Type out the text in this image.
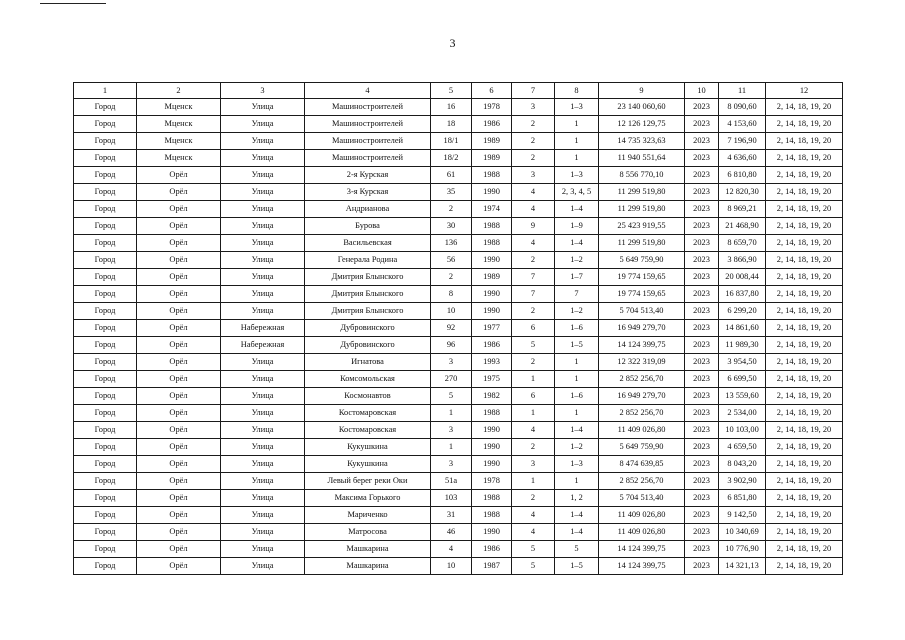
3
1	2	3	4	5	6	7	8	9	10	11	12
Город	Мценск	Улица	Машиностроителей	16	1978	3	1–3	23 140 060,60	2023	8 090,60	2, 14, 18, 19, 20
Город	Мценск	Улица	Машиностроителей	18	1986	2	1	12 126 129,75	2023	4 153,60	2, 14, 18, 19, 20
Город	Мценск	Улица	Машиностроителей	18/1	1989	2	1	14 735 323,63	2023	7 196,90	2, 14, 18, 19, 20
Город	Мценск	Улица	Машиностроителей	18/2	1989	2	1	11 940 551,64	2023	4 636,60	2, 14, 18, 19, 20
Город	Орёл	Улица	2-я Курская	61	1988	3	1–3	8 556 770,10	2023	6 810,80	2, 14, 18, 19, 20
Город	Орёл	Улица	3-я Курская	35	1990	4	2, 3, 4, 5	11 299 519,80	2023	12 820,30	2, 14, 18, 19, 20
Город	Орёл	Улица	Андрианова	2	1974	4	1–4	11 299 519,80	2023	8 969,21	2, 14, 18, 19, 20
Город	Орёл	Улица	Бурова	30	1988	9	1–9	25 423 919,55	2023	21 468,90	2, 14, 18, 19, 20
Город	Орёл	Улица	Васильевская	136	1988	4	1–4	11 299 519,80	2023	8 659,70	2, 14, 18, 19, 20
Город	Орёл	Улица	Генерала Родина	56	1990	2	1–2	5 649 759,90	2023	3 866,90	2, 14, 18, 19, 20
Город	Орёл	Улица	Дмитрия Блынского	2	1989	7	1–7	19 774 159,65	2023	20 008,44	2, 14, 18, 19, 20
Город	Орёл	Улица	Дмитрия Блынского	8	1990	7	7	19 774 159,65	2023	16 837,80	2, 14, 18, 19, 20
Город	Орёл	Улица	Дмитрия Блынского	10	1990	2	1–2	5 704 513,40	2023	6 299,20	2, 14, 18, 19, 20
Город	Орёл	Набережная	Дубровинского	92	1977	6	1–6	16 949 279,70	2023	14 861,60	2, 14, 18, 19, 20
Город	Орёл	Набережная	Дубровинского	96	1986	5	1–5	14 124 399,75	2023	11 989,30	2, 14, 18, 19, 20
Город	Орёл	Улица	Игнатова	3	1993	2	1	12 322 319,09	2023	3 954,50	2, 14, 18, 19, 20
Город	Орёл	Улица	Комсомольская	270	1975	1	1	2 852 256,70	2023	6 699,50	2, 14, 18, 19, 20
Город	Орёл	Улица	Космонавтов	5	1982	6	1–6	16 949 279,70	2023	13 559,60	2, 14, 18, 19, 20
Город	Орёл	Улица	Костомаровская	1	1988	1	1	2 852 256,70	2023	2 534,00	2, 14, 18, 19, 20
Город	Орёл	Улица	Костомаровская	3	1990	4	1–4	11 409 026,80	2023	10 103,00	2, 14, 18, 19, 20
Город	Орёл	Улица	Кукушкина	1	1990	2	1–2	5 649 759,90	2023	4 659,50	2, 14, 18, 19, 20
Город	Орёл	Улица	Кукушкина	3	1990	3	1–3	8 474 639,85	2023	8 043,20	2, 14, 18, 19, 20
Город	Орёл	Улица	Левый берег реки Оки	51a	1978	1	1	2 852 256,70	2023	3 902,90	2, 14, 18, 19, 20
Город	Орёл	Улица	Максима Горького	103	1988	2	1, 2	5 704 513,40	2023	6 851,80	2, 14, 18, 19, 20
Город	Орёл	Улица	Мариченко	31	1988	4	1–4	11 409 026,80	2023	9 142,50	2, 14, 18, 19, 20
Город	Орёл	Улица	Матросова	46	1990	4	1–4	11 409 026,80	2023	10 340,69	2, 14, 18, 19, 20
Город	Орёл	Улица	Машкарина	4	1986	5	5	14 124 399,75	2023	10 776,90	2, 14, 18, 19, 20
Город	Орёл	Улица	Машкарина	10	1987	5	1–5	14 124 399,75	2023	14 321,13	2, 14, 18, 19, 20
